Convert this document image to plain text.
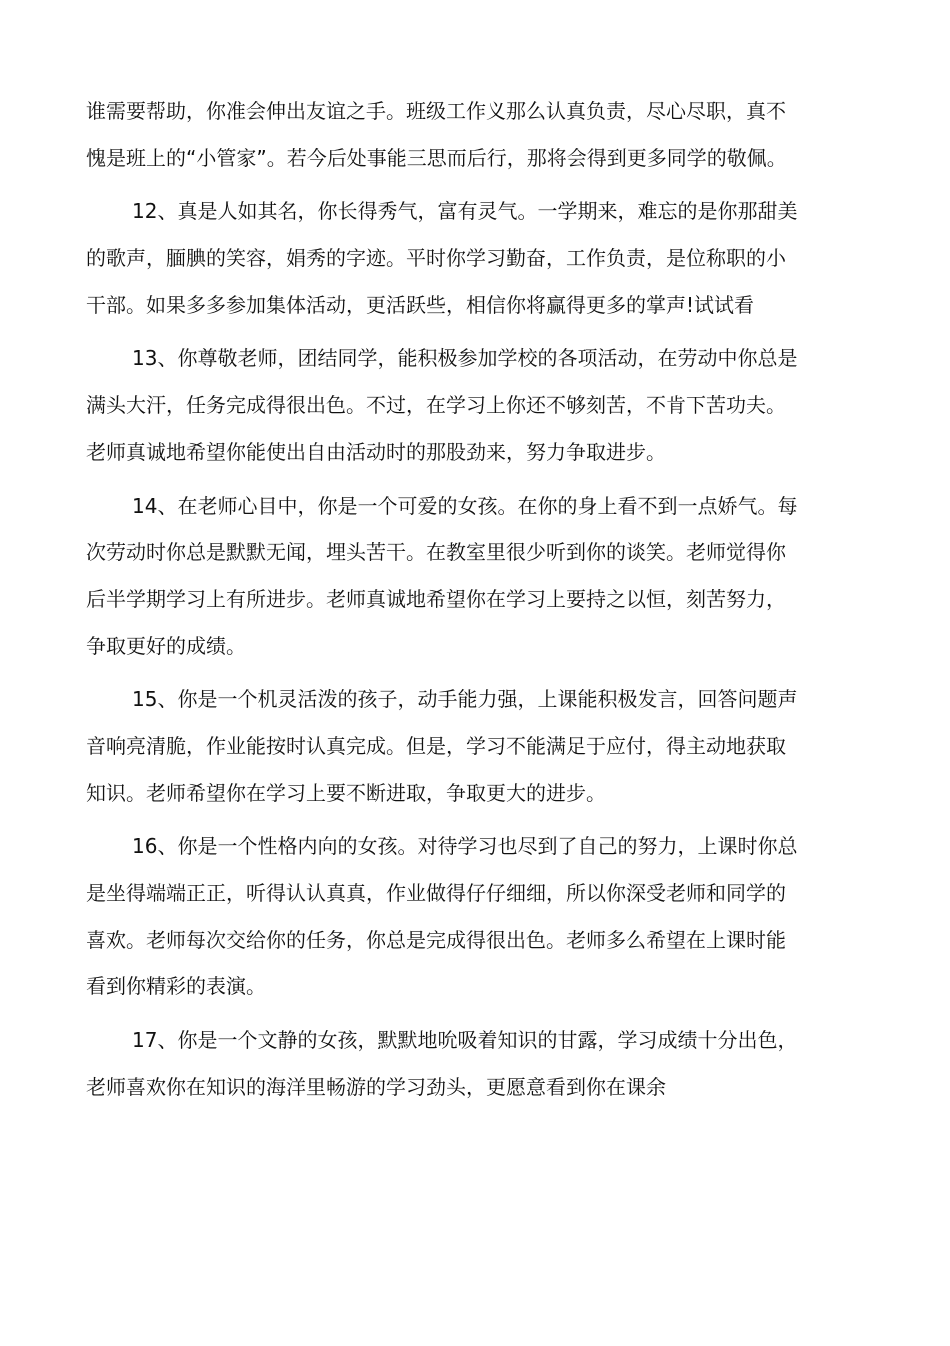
谁需要帮助，你准会伸出友谊之手。班级工作义那么认真负责，尽心尽职，真不
愧是班上的“小管家”。若今后处事能三思而后行，那将会得到更多同学的敬佩。
12、真是人如其名，你长得秀气，富有灵气。一学期来，难忘的是你那甜美
的歌声，腼腆的笑容，娟秀的字迹。平时你学习勤奋，工作负责，是位称职的小
干部。如果多多参加集体活动，更活跃些，相信你将赢得更多的掌声!试试看
13、你尊敬老师，团结同学，能积极参加学校的各项活动，在劳动中你总是
满头大汗，任务完成得很出色。不过，在学习上你还不够刻苦，不肯下苦功夫。
老师真诚地希望你能使出自由活动时的那股劲来，努力争取进步。
14、在老师心目中，你是一个可爱的女孩。在你的身上看不到一点娇气。每
次劳动时你总是默默无闻，埋头苦干。在教室里很少听到你的谈笑。老师觉得你
后半学期学习上有所进步。老师真诚地希望你在学习上要持之以恒，刻苦努力，
争取更好的成绩。
15、你是一个机灵活泼的孩子，动手能力强，上课能积极发言，回答问题声
音响亮清脆，作业能按时认真完成。但是，学习不能满足于应付，得主动地获取
知识。老师希望你在学习上要不断进取，争取更大的进步。
16、你是一个性格内向的女孩。对待学习也尽到了自己的努力，上课时你总
是坐得端端正正，听得认认真真，作业做得仔仔细细，所以你深受老师和同学的
喜欢。老师每次交给你的任务，你总是完成得很出色。老师多么希望在上课时能
看到你精彩的表演。
17、你是一个文静的女孩，默默地吮吸着知识的甘露，学习成绩十分出色，
老师喜欢你在知识的海洋里畅游的学习劲头，更愿意看到你在课余
